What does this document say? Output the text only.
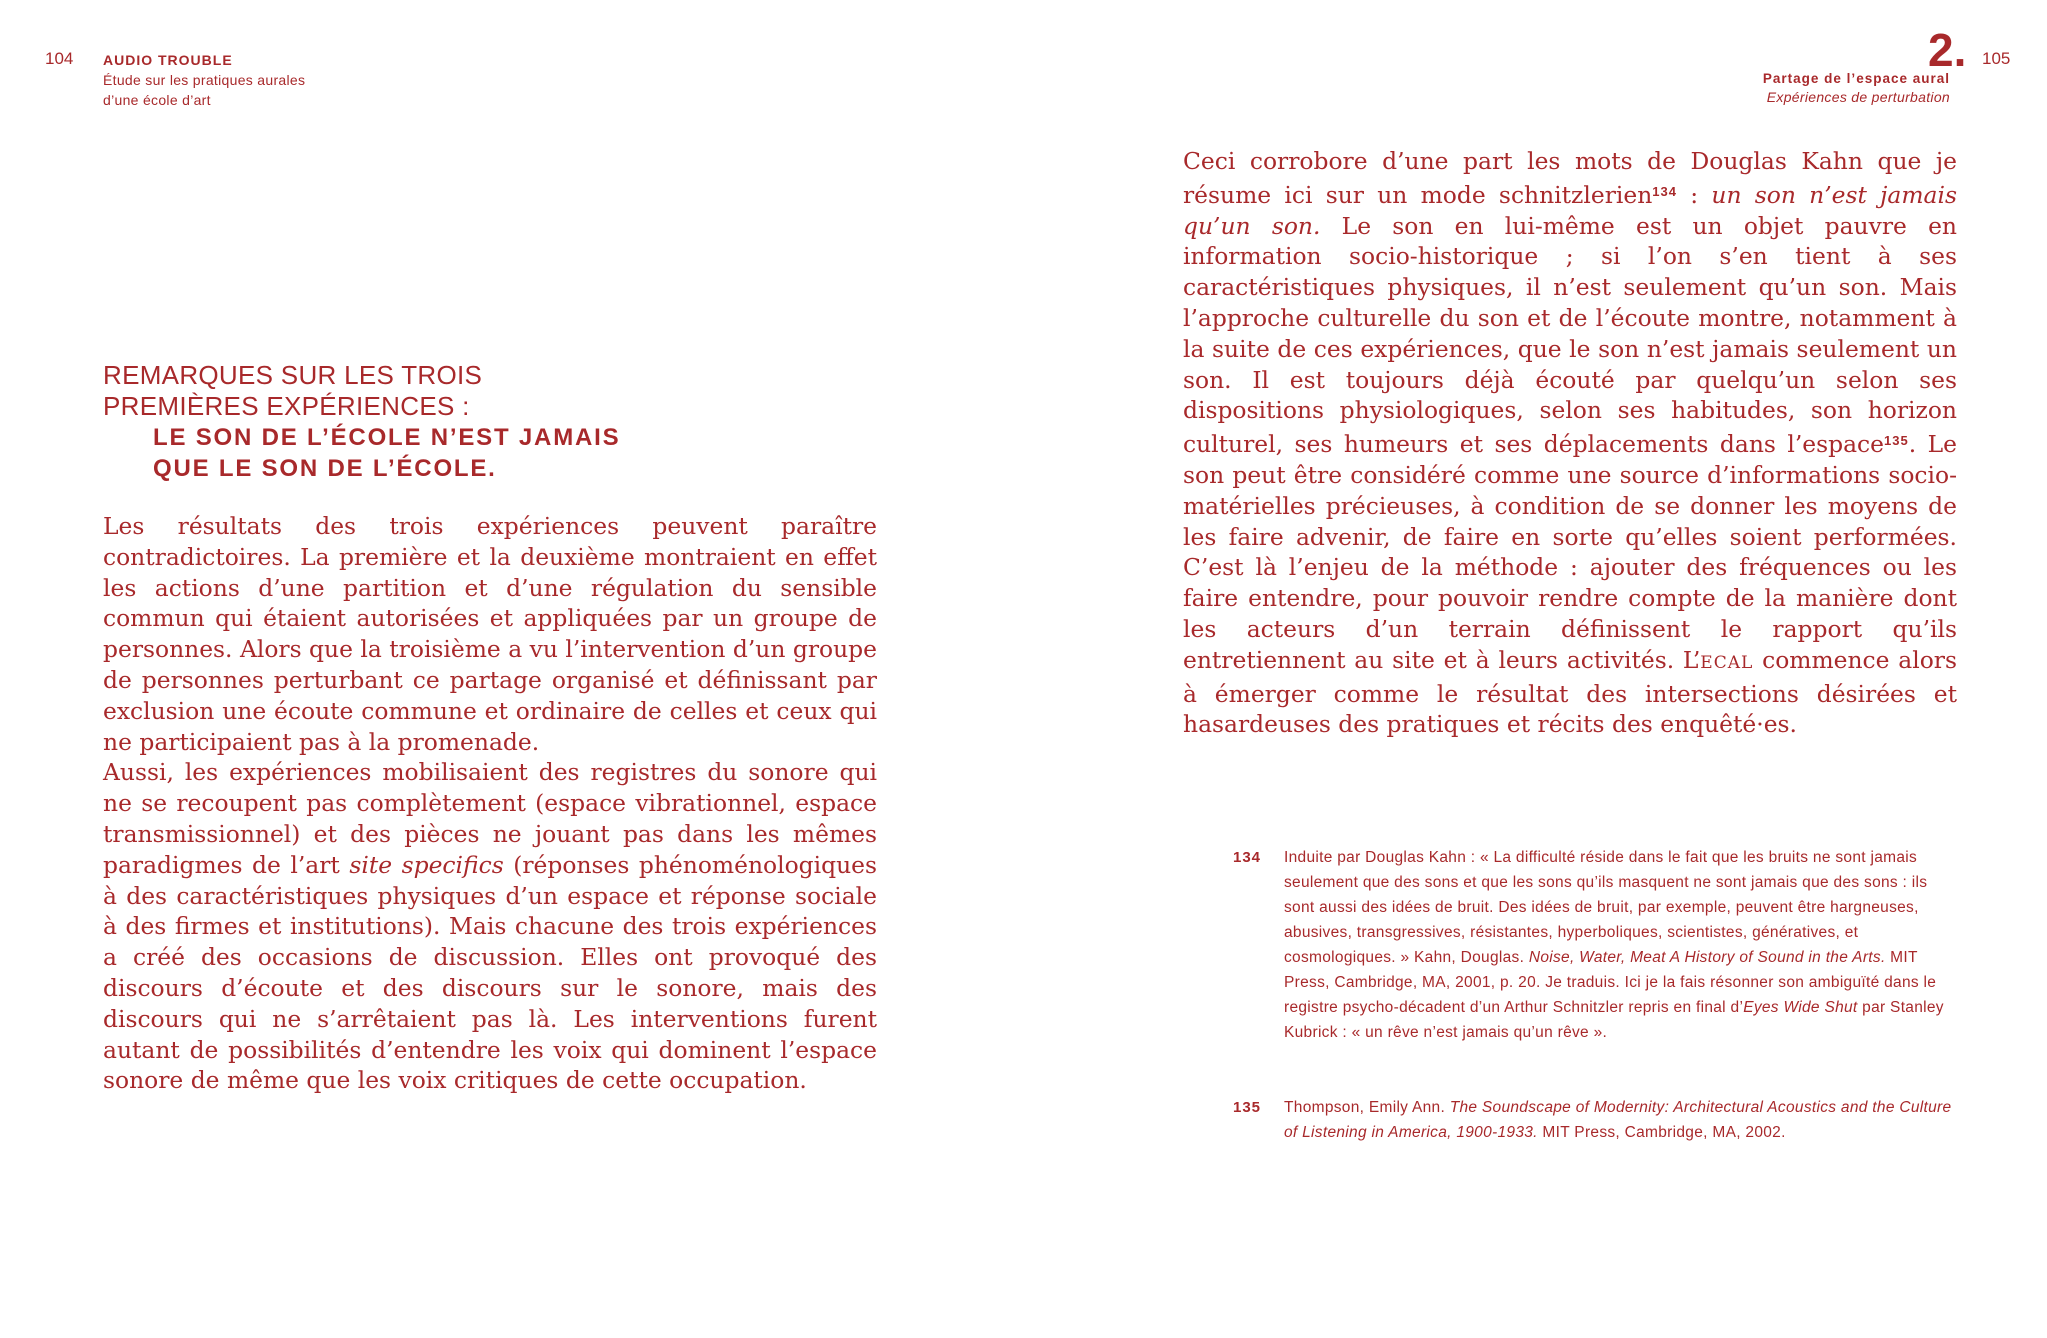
104 AUDIO TROUBLE
Étude sur les pratiques aurales
d’une école d’art
2. 105
Partage de l’espace aural
Expériences de perturbation
REMARQUES SUR LES TROIS
PREMIÈRES EXPÉRIENCES :
LE SON DE L’ÉCOLE N’EST JAMAIS
QUE LE SON DE L’ÉCOLE.

Les résultats des trois expériences peuvent paraître contradictoires. La première et la deuxième montraient en effet les actions d’une partition et d’une régulation du sensible commun qui étaient autorisées et appliquées par un groupe de personnes. Alors que la troisième a vu l’intervention d’un groupe de personnes perturbant ce partage organisé et définissant par exclusion une écoute commune et ordinaire de celles et ceux qui ne participaient pas à la promenade.

Aussi, les expériences mobilisaient des registres du sonore qui ne se recoupent pas complètement (espace vibrationnel, espace transmissionnel) et des pièces ne jouant pas dans les mêmes paradigmes de l’art site specifics (réponses phénoménologiques à des caractéristiques physiques d’un espace et réponse sociale à des firmes et institutions). Mais chacune des trois expériences a créé des occasions de discussion. Elles ont provoqué des discours d’écoute et des discours sur le sonore, mais des discours qui ne s’arrêtaient pas là. Les interventions furent autant de possibilités d’entendre les voix qui dominent l’espace sonore de même que les voix critiques de cette occupation.

Ceci corrobore d’une part les mots de Douglas Kahn que je résume ici sur un mode schnitzlerien$^{134}$ : un son n’est jamais qu’un son. Le son en lui-même est un objet pauvre en information socio-historique ; si l’on s’en tient à ses caractéristiques physiques, il n’est seulement qu’un son. Mais l’approche culturelle du son et de l’écoute montre, notamment à la suite de ces expériences, que le son n’est jamais seulement un son. Il est toujours déjà écouté par quelqu’un selon ses dispositions physiologiques, selon ses habitudes, son horizon culturel, ses humeurs et ses déplacements dans l’espace$^{135}$. Le son peut être considéré comme une source d’informations socio-matérielles précieuses, à condition de se donner les moyens de les faire advenir, de faire en sorte qu’elles soient performées. C’est là l’enjeu de la méthode : ajouter des fréquences ou les faire entendre, pour pouvoir rendre compte de la manière dont les acteurs d’un terrain définissent le rapport qu’ils entretiennent au site et à leurs activités. L’ECAL commence alors à émerger comme le résultat des intersections désirées et hasardeuses des pratiques et récits des enquêté·es.

134 Induite par Douglas Kahn : « La difficulté réside dans le fait que les bruits ne sont jamais seulement que des sons et que les sons qu’ils masquent ne sont jamais que des sons : ils sont aussi des idées de bruit. Des idées de bruit, par exemple, peuvent être hargneuses, abusives, transgressives, résistantes, hyperboliques, scientistes, génératives, et cosmologiques. » Kahn, Douglas. Noise, Water, Meat A History of Sound in the Arts. MIT Press, Cambridge, MA, 2001, p. 20. Je traduis. Ici je la fais résonner son ambiguïté dans le registre psycho-décadent d’un Arthur Schnitzler repris en final d’Eyes Wide Shut par Stanley Kubrick : « un rêve n’est jamais qu’un rêve ».
135 Thompson, Emily Ann. The Soundscape of Modernity: Architectural Acoustics and the Culture of Listening in America, 1900-1933. MIT Press, Cambridge, MA, 2002.
